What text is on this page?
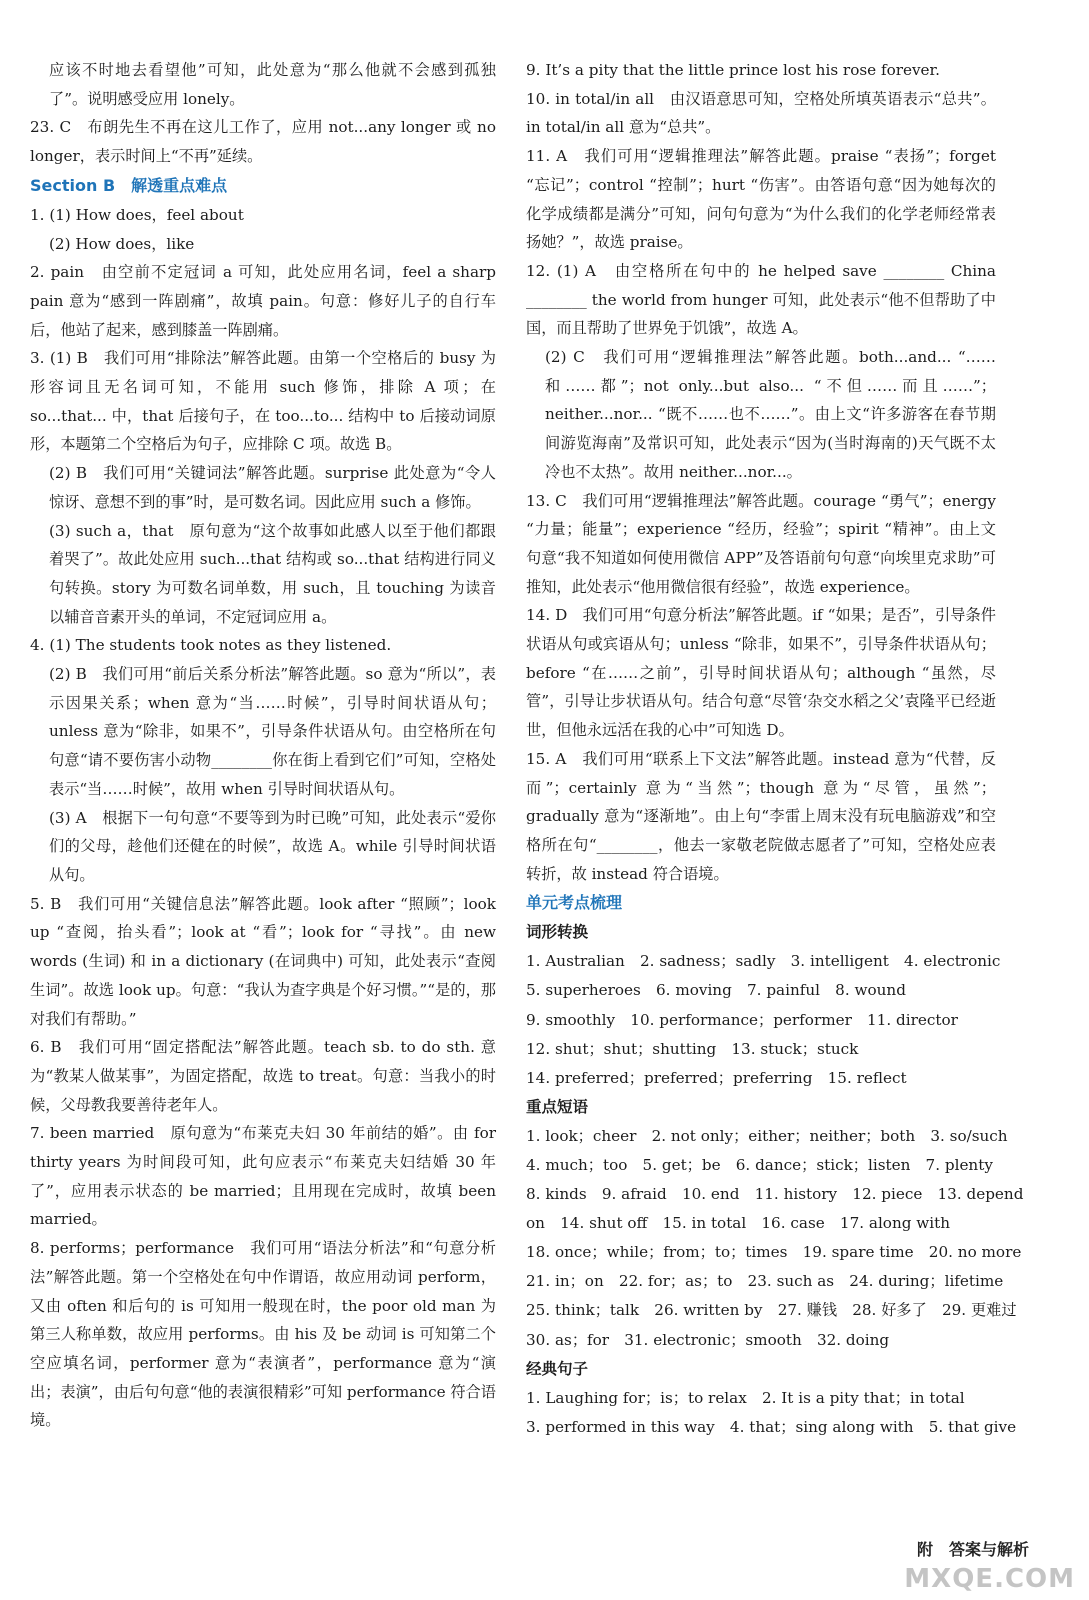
应该不时地去看望他”可知，此处意为“那么他就不会感到孤独了”。说明感受应用 lonely。

23. C　布朗先生不再在这儿工作了，应用 not...any longer 或 no longer，表示时间上“不再”延续。

Section B　解透重点难点

1. (1) How does，feel about

(2) How does，like

2. pain　由空前不定冠词 a 可知，此处应用名词，feel a sharp pain 意为“感到一阵剧痛”，故填 pain。句意：修好儿子的自行车后，他站了起来，感到膝盖一阵剧痛。

3. (1) B　我们可用“排除法”解答此题。由第一个空格后的 busy 为形容词且无名词可知，不能用 such 修饰，排除 A 项；在 so...that... 中，that 后接句子，在 too...to... 结构中 to 后接动词原形，本题第二个空格后为句子，应排除 C 项。故选 B。

(2) B　我们可用“关键词法”解答此题。surprise 此处意为“令人惊讶、意想不到的事”时，是可数名词。因此应用 such a 修饰。

(3) such a，that　原句意为“这个故事如此感人以至于他们都跟着哭了”。故此处应用 such...that 结构或 so...that 结构进行同义句转换。story 为可数名词单数，用 such，且 touching 为读音以辅音音素开头的单词，不定冠词应用 a。

4. (1) The students took notes as they listened.

(2) B　我们可用“前后关系分析法”解答此题。so 意为“所以”，表示因果关系；when 意为“当……时候”，引导时间状语从句；unless 意为“除非，如果不”，引导条件状语从句。由空格所在句句意“请不要伤害小动物________你在街上看到它们”可知，空格处表示“当……时候”，故用 when 引导时间状语从句。

(3) A　根据下一句句意“不要等到为时已晚”可知，此处表示“爱你们的父母，趁他们还健在的时候”，故选 A。while 引导时间状语从句。

5. B　我们可用“关键信息法”解答此题。look after “照顾”；look up “查阅，抬头看”；look at “看”；look for “寻找”。由 new words (生词) 和 in a dictionary (在词典中) 可知，此处表示“查阅生词”。故选 look up。句意：“我认为查字典是个好习惯。”“是的，那对我们有帮助。”

6. B　我们可用“固定搭配法”解答此题。teach sb. to do sth. 意为“教某人做某事”，为固定搭配，故选 to treat。句意：当我小的时候，父母教我要善待老年人。

7. been married　原句意为“布莱克夫妇 30 年前结的婚”。由 for thirty years 为时间段可知，此句应表示“布莱克夫妇结婚 30 年了”，应用表示状态的 be married；且用现在完成时，故填 been married。

8. performs；performance　我们可用“语法分析法”和“句意分析法”解答此题。第一个空格处在句中作谓语，故应用动词 perform，又由 often 和后句的 is 可知用一般现在时，the poor old man 为第三人称单数，故应用 performs。由 his 及 be 动词 is 可知第二个空应填名词，performer 意为“表演者”，performance 意为“演出；表演”，由后句句意“他的表演很精彩”可知 performance 符合语境。

9. It’s a pity that the little prince lost his rose forever.

10. in total/in all　由汉语意思可知，空格处所填英语表示“总共”。in total/in all 意为“总共”。

11. A　我们可用“逻辑推理法”解答此题。praise “表扬”；forget “忘记”；control “控制”；hurt “伤害”。由答语句意“因为她每次的化学成绩都是满分”可知，问句句意为“为什么我们的化学老师经常表扬她？”，故选 praise。

12. (1) A　由空格所在句中的 he helped save ________ China ________ the world from hunger 可知，此处表示“他不但帮助了中国，而且帮助了世界免于饥饿”，故选 A。

(2) C　我们可用“逻辑推理法”解答此题。both...and... “……和……都”；not only...but also... “不但……而且……”；neither...nor... “既不……也不……”。由上文“许多游客在春节期间游览海南”及常识可知，此处表示“因为(当时海南的)天气既不太冷也不太热”。故用 neither...nor...。

13. C　我们可用“逻辑推理法”解答此题。courage “勇气”；energy “力量；能量”；experience “经历，经验”；spirit “精神”。由上文句意“我不知道如何使用微信 APP”及答语前句句意“向埃里克求助”可推知，此处表示“他用微信很有经验”，故选 experience。

14. D　我们可用“句意分析法”解答此题。if “如果；是否”，引导条件状语从句或宾语从句；unless “除非，如果不”，引导条件状语从句；before “在……之前”，引导时间状语从句；although “虽然，尽管”，引导让步状语从句。结合句意“尽管‘杂交水稻之父’袁隆平已经逝世，但他永远活在我的心中”可知选 D。

15. A　我们可用“联系上下文法”解答此题。instead 意为“代替，反而”；certainly 意为“当然”；though 意为“尽管，虽然”；gradually 意为“逐渐地”。由上句“李雷上周末没有玩电脑游戏”和空格所在句“________，他去一家敬老院做志愿者了”可知，空格处应表转折，故 instead 符合语境。

单元考点梳理

词形转换

1. Australian　2. sadness；sadly　3. intelligent　4. electronic

5. superheroes　6. moving　7. painful　8. wound

9. smoothly　10. performance；performer　11. director

12. shut；shut；shutting　13. stuck；stuck

14. preferred；preferred；preferring　15. reflect

重点短语

1. look；cheer　2. not only；either；neither；both　3. so/such

4. much；too　5. get；be　6. dance；stick；listen　7. plenty

8. kinds　9. afraid　10. end　11. history　12. piece　13. depend

on　14. shut off　15. in total　16. case　17. along with

18. once；while；from；to；times　19. spare time　20. no more

21. in；on　22. for；as；to　23. such as　24. during；lifetime

25. think；talk　26. written by　27. 赚钱　28. 好多了　29. 更难过

30. as；for　31. electronic；smooth　32. doing

经典句子

1. Laughing for；is；to relax　2. It is a pity that；in total

3. performed in this way　4. that；sing along with　5. that give

附　答案与解析
MXQE.COM
